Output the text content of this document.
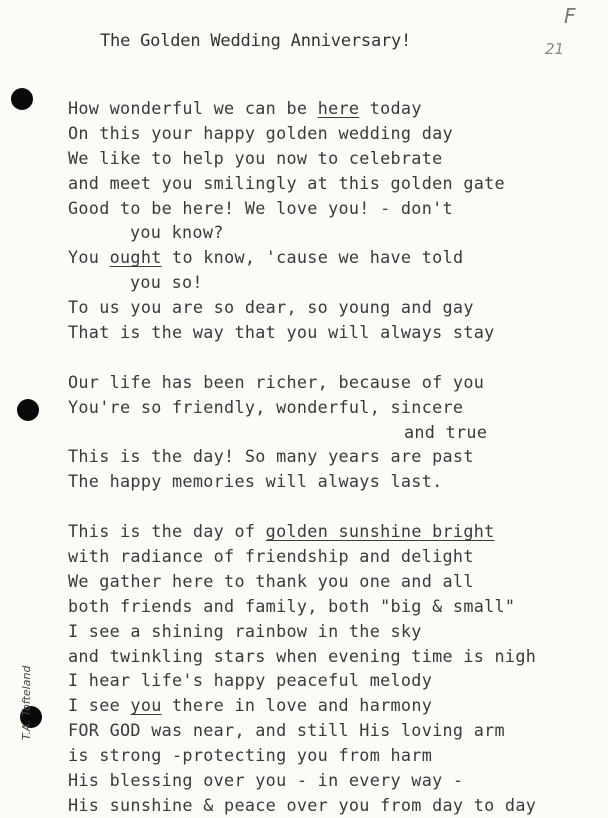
The Golden Wedding Anniversary!
F
21
T.A. Tofteland
How wonderful we can be here today
On this your happy golden wedding day
We like to help you now to celebrate
and meet you smilingly at this golden gate
Good to be here! We love you! - don't
you know?
You ought to know, 'cause we have told
you so!
To us you are so dear, so young and gay
That is the way that you will always stay
Our life has been richer, because of you
You're so friendly, wonderful, sincere
and true
This is the day! So many years are past
The happy memories will always last.
This is the day of golden sunshine bright
with radiance of friendship and delight
We gather here to thank you one and all
both friends and family, both "big & small"
I see a shining rainbow in the sky
and twinkling stars when evening time is nigh
I hear life's happy peaceful melody
I see you there in love and harmony
FOR GOD was near, and still His loving arm
is strong -protecting you from harm
His blessing over you - in every way -
His sunshine & peace over you from day to day
